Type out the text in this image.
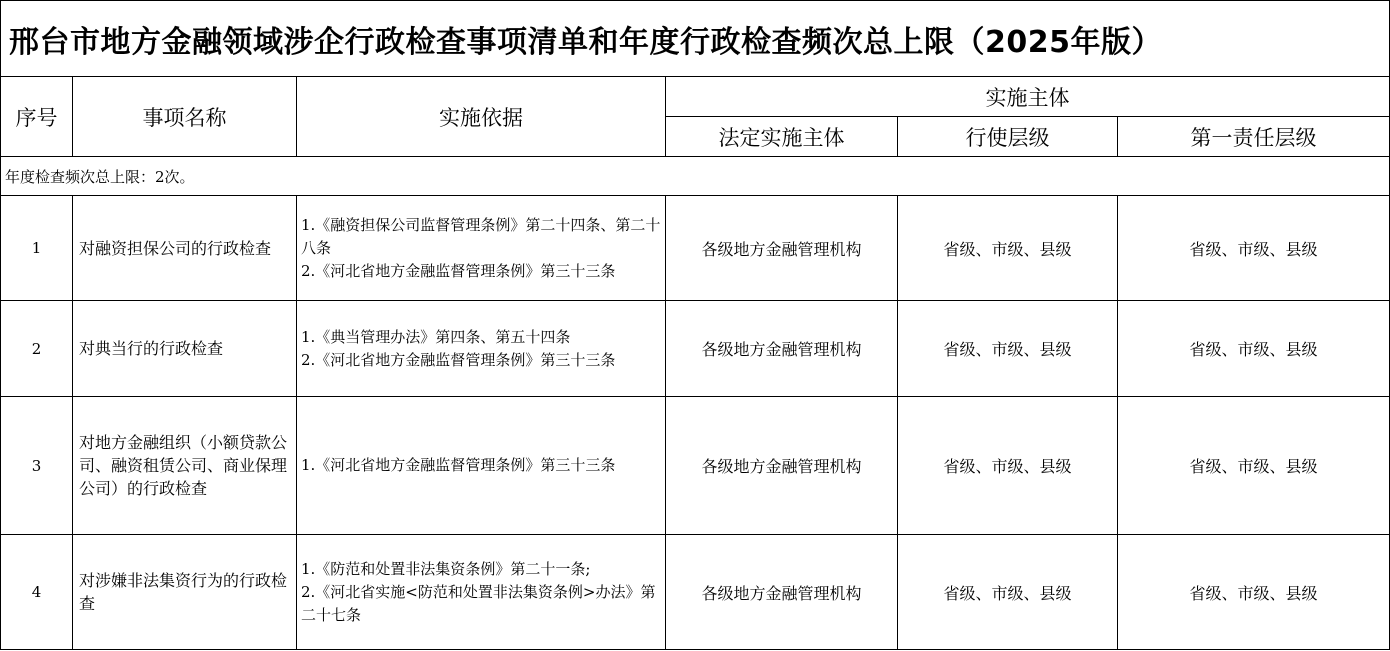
邢台市地方金融领域涉企行政检查事项清单和年度行政检查频次总上限（2025年版）					
序号	事项名称	实施依据	实施主体		
			法定实施主体	行使层级	第一责任层级
年度检查频次总上限：2次。					
1	对融资担保公司的行政检查	1.《融资担保公司监督管理条例》第二十四条、第二十八条
2.《河北省地方金融监督管理条例》第三十三条	各级地方金融管理机构	省级、市级、县级	省级、市级、县级
2	对典当行的行政检查	1.《典当管理办法》第四条、第五十四条
2.《河北省地方金融监督管理条例》第三十三条	各级地方金融管理机构	省级、市级、县级	省级、市级、县级
3	对地方金融组织（小额贷款公司、融资租赁公司、商业保理公司）的行政检查	1.《河北省地方金融监督管理条例》第三十三条	各级地方金融管理机构	省级、市级、县级	省级、市级、县级
4	对涉嫌非法集资行为的行政检查	1.《防范和处置非法集资条例》第二十一条;
2.《河北省实施<防范和处置非法集资条例>办法》第二十七条	各级地方金融管理机构	省级、市级、县级	省级、市级、县级
